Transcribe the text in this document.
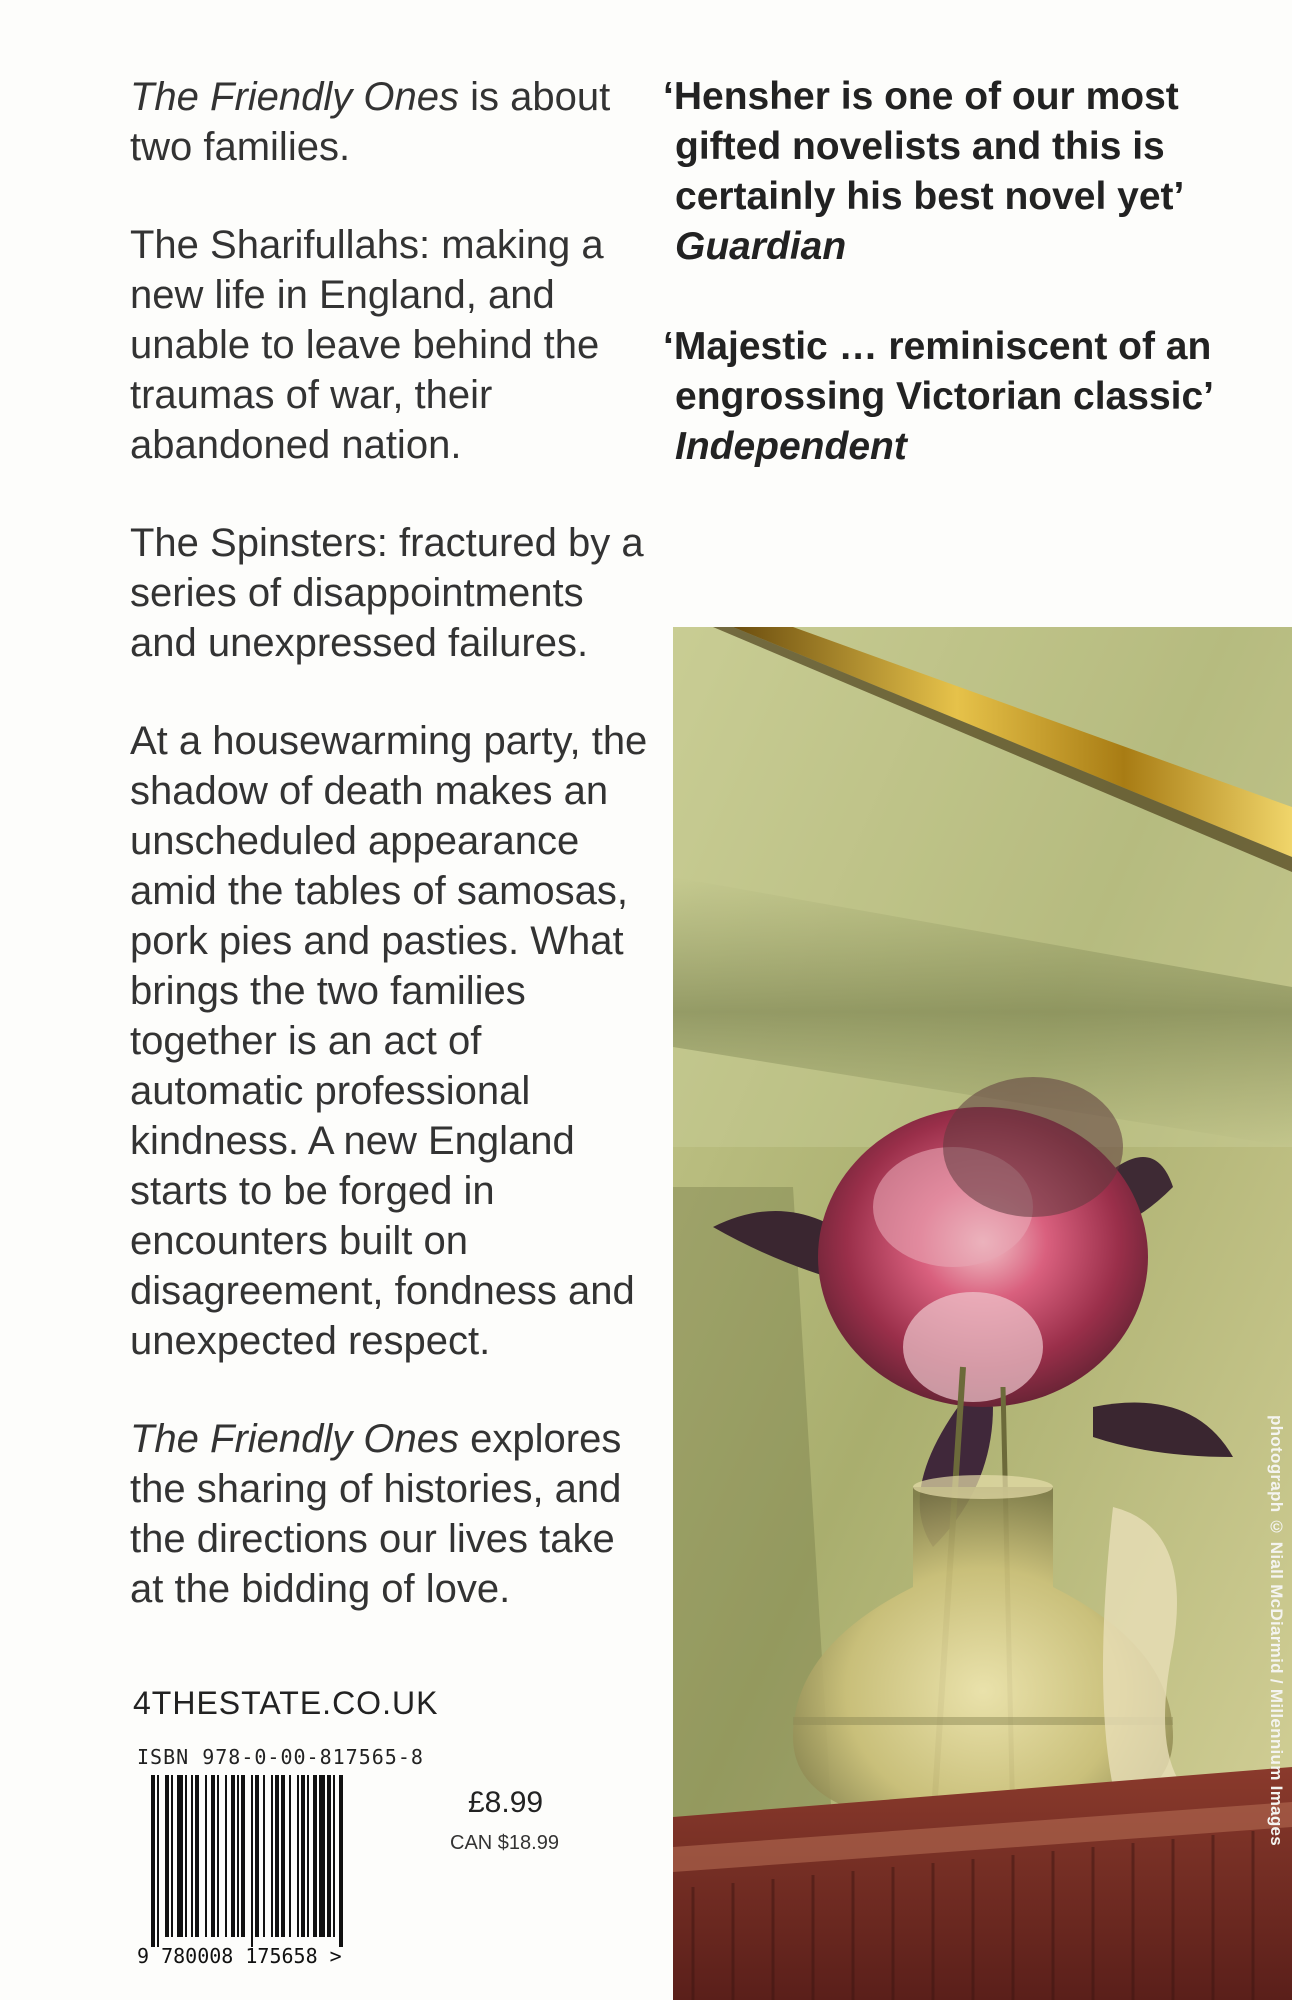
The Friendly Ones is about two families.

The Sharifullahs: making a new life in England, and unable to leave behind the traumas of war, their abandoned nation.

The Spinsters: fractured by a series of disappointments and unexpressed failures.

At a housewarming party, the shadow of death makes an unscheduled appearance amid the tables of samosas, pork pies and pasties. What brings the two families together is an act of automatic professional kindness. A new England starts to be forged in encounters built on disagreement, fondness and unexpected respect.

The Friendly Ones explores the sharing of histories, and the directions our lives take at the bidding of love.

‘Hensher is one of our most
gifted novelists and this is
certainly his best novel yet’
Guardian
‘Majestic … reminiscent of an
engrossing Victorian classic’
Independent
photograph © Niall McDiarmid / Millennium Images
4THESTATE.CO.UK
ISBN 978-0-00-817565-8
9 780008 175658 >
£8.99
CAN $18.99
